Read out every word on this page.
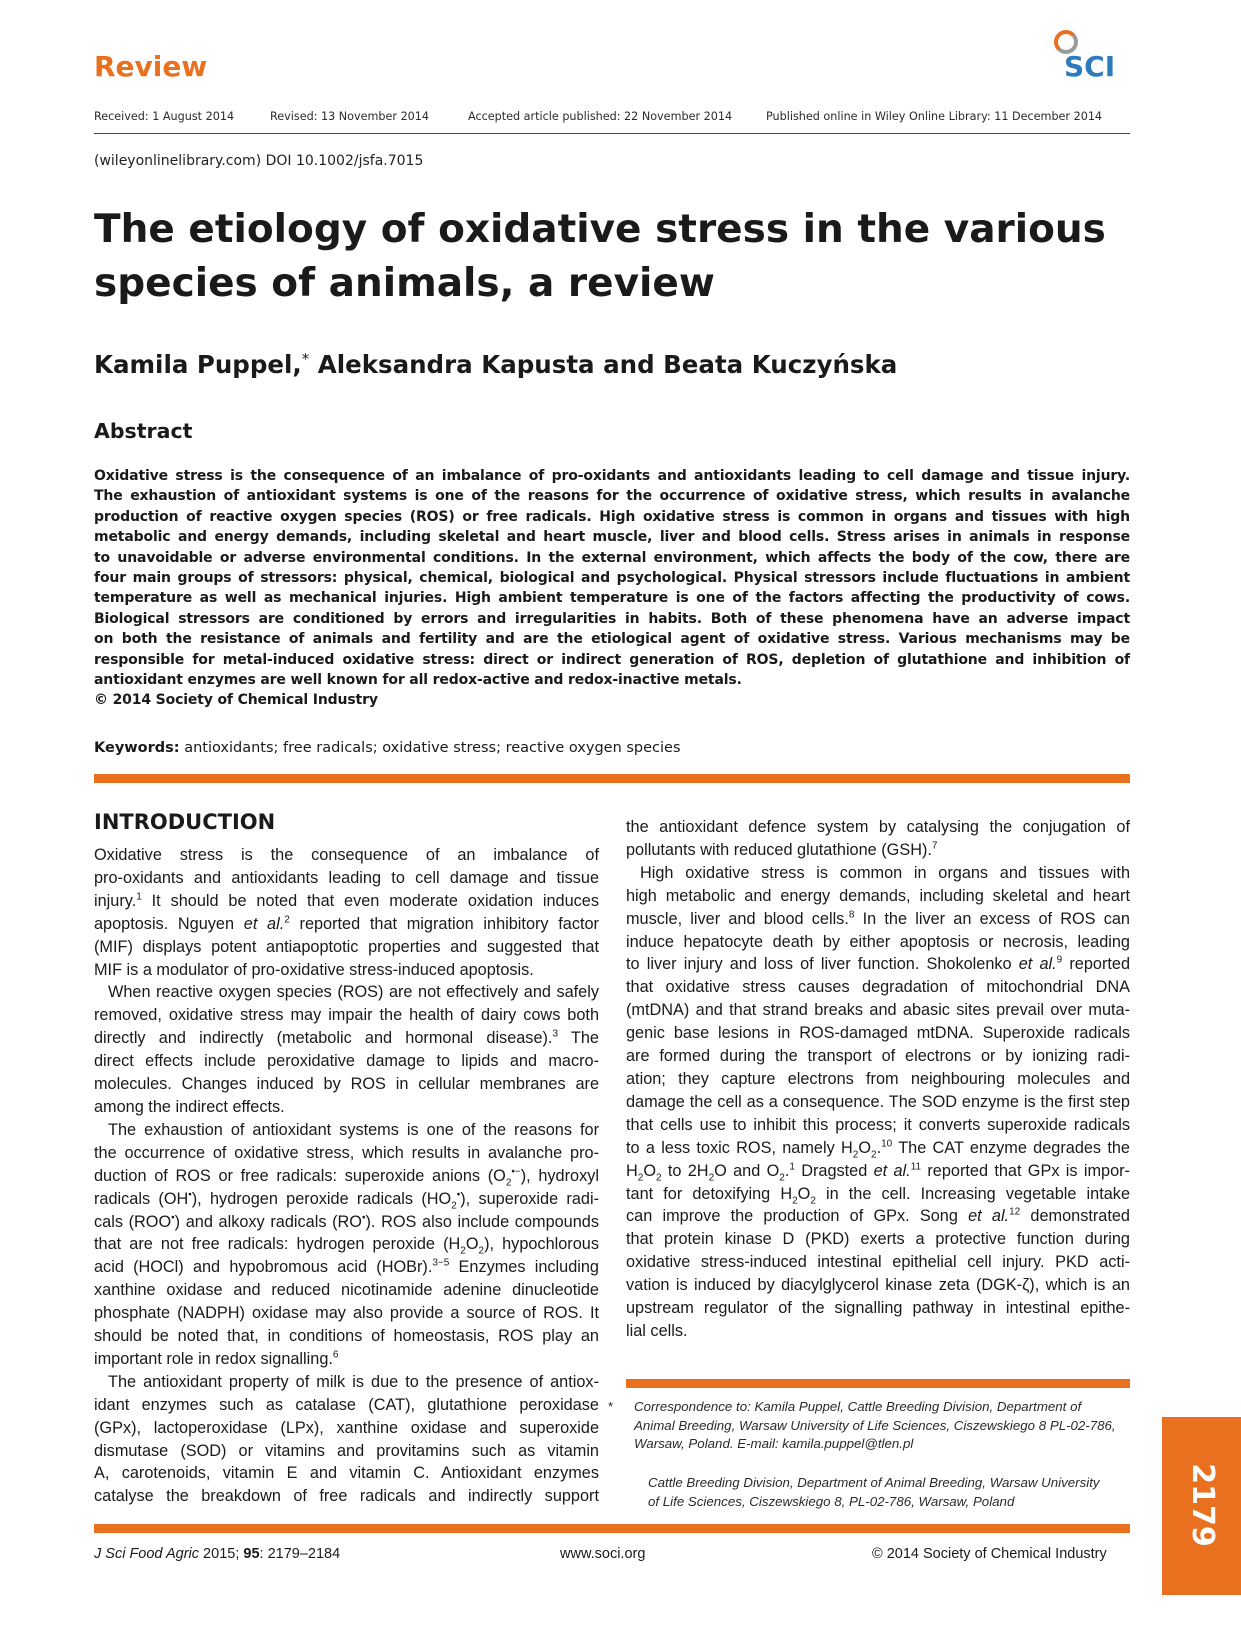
Review	SCI
Received: 1 August 2014	Revised: 13 November 2014	Accepted article published: 22 November 2014	Published online in Wiley Online Library: 11 December 2014
(wileyonlinelibrary.com) DOI 10.1002/jsfa.7015
The etiology of oxidative stress in the various
species of animals, a review
Kamila Puppel,* Aleksandra Kapusta and Beata Kuczyńska
Abstract
Oxidative stress is the consequence of an imbalance of pro-oxidants and antioxidants leading to cell damage and tissue injury.
The exhaustion of antioxidant systems is one of the reasons for the occurrence of oxidative stress, which results in avalanche
production of reactive oxygen species (ROS) or free radicals. High oxidative stress is common in organs and tissues with high
metabolic and energy demands, including skeletal and heart muscle, liver and blood cells. Stress arises in animals in response
to unavoidable or adverse environmental conditions. In the external environment, which affects the body of the cow, there are
four main groups of stressors: physical, chemical, biological and psychological. Physical stressors include fluctuations in ambient
temperature as well as mechanical injuries. High ambient temperature is one of the factors affecting the productivity of cows.
Biological stressors are conditioned by errors and irregularities in habits. Both of these phenomena have an adverse impact
on both the resistance of animals and fertility and are the etiological agent of oxidative stress. Various mechanisms may be
responsible for metal-induced oxidative stress: direct or indirect generation of ROS, depletion of glutathione and inhibition of
antioxidant enzymes are well known for all redox-active and redox-inactive metals.
© 2014 Society of Chemical Industry
Keywords: antioxidants; free radicals; oxidative stress; reactive oxygen species
INTRODUCTION
Oxidative stress is the consequence of an imbalance of
pro-oxidants and antioxidants leading to cell damage and tissue
injury.$^1$ It should be noted that even moderate oxidation induces
apoptosis. Nguyen et al.$^2$ reported that migration inhibitory factor
(MIF) displays potent antiapoptotic properties and suggested that
MIF is a modulator of pro-oxidative stress-induced apoptosis.
When reactive oxygen species (ROS) are not effectively and safely
removed, oxidative stress may impair the health of dairy cows both
directly and indirectly (metabolic and hormonal disease).$^3$ The
direct effects include peroxidative damage to lipids and macro-
molecules. Changes induced by ROS in cellular membranes are
among the indirect effects.
The exhaustion of antioxidant systems is one of the reasons for
the occurrence of oxidative stress, which results in avalanche pro-
duction of ROS or free radicals: superoxide anions $(O_2^{•-})$, hydroxyl
radicals (OH•), hydrogen peroxide radicals $(HO_2^•)$, superoxide radi-
cals (ROO•) and alkoxy radicals (RO•). ROS also include compounds
that are not free radicals: hydrogen peroxide $(H_2O_2)$, hypochlorous
acid (HOCl) and hypobromous acid (HOBr).$^{3-5}$ Enzymes including
xanthine oxidase and reduced nicotinamide adenine dinucleotide
phosphate (NADPH) oxidase may also provide a source of ROS. It
should be noted that, in conditions of homeostasis, ROS play an
important role in redox signalling.$^6$
The antioxidant property of milk is due to the presence of antiox-
idant enzymes such as catalase (CAT), glutathione peroxidase
(GPx), lactoperoxidase (LPx), xanthine oxidase and superoxide
dismutase (SOD) or vitamins and provitamins such as vitamin
A, carotenoids, vitamin E and vitamin C. Antioxidant enzymes
catalyse the breakdown of free radicals and indirectly support
the antioxidant defence system by catalysing the conjugation of
pollutants with reduced glutathione (GSH).$^7$
High oxidative stress is common in organs and tissues with
high metabolic and energy demands, including skeletal and heart
muscle, liver and blood cells.$^8$ In the liver an excess of ROS can
induce hepatocyte death by either apoptosis or necrosis, leading
to liver injury and loss of liver function. Shokolenko et al.$^9$ reported
that oxidative stress causes degradation of mitochondrial DNA
(mtDNA) and that strand breaks and abasic sites prevail over muta-
genic base lesions in ROS-damaged mtDNA. Superoxide radicals
are formed during the transport of electrons or by ionizing radi-
ation; they capture electrons from neighbouring molecules and
damage the cell as a consequence. The SOD enzyme is the first step
that cells use to inhibit this process; it converts superoxide radicals
to a less toxic ROS, namely $H_2O_2.^{10}$ The CAT enzyme degrades the
$H_2O_2$ to $2H_2O$ and $O_2.^1$ Dragsted et al.$^{11}$ reported that GPx is impor-
tant for detoxifying $H_2O_2$ in the cell. Increasing vegetable intake
can improve the production of GPx. Song et al.$^{12}$ demonstrated
that protein kinase D (PKD) exerts a protective function during
oxidative stress-induced intestinal epithelial cell injury. PKD acti-
vation is induced by diacylglycerol kinase zeta (DGK-ζ), which is an
upstream regulator of the signalling pathway in intestinal epithe-
lial cells.
*	Correspondence to: Kamila Puppel, Cattle Breeding Division, Department of
Animal Breeding, Warsaw University of Life Sciences, Ciszewskiego 8 PL-02-786,
Warsaw, Poland. E-mail: kamila.puppel@tlen.pl
Cattle Breeding Division, Department of Animal Breeding, Warsaw University
of Life Sciences, Ciszewskiego 8, PL-02-786, Warsaw, Poland
J Sci Food Agric 2015; 95: 2179–2184	www.soci.org	© 2014 Society of Chemical Industry
2179
